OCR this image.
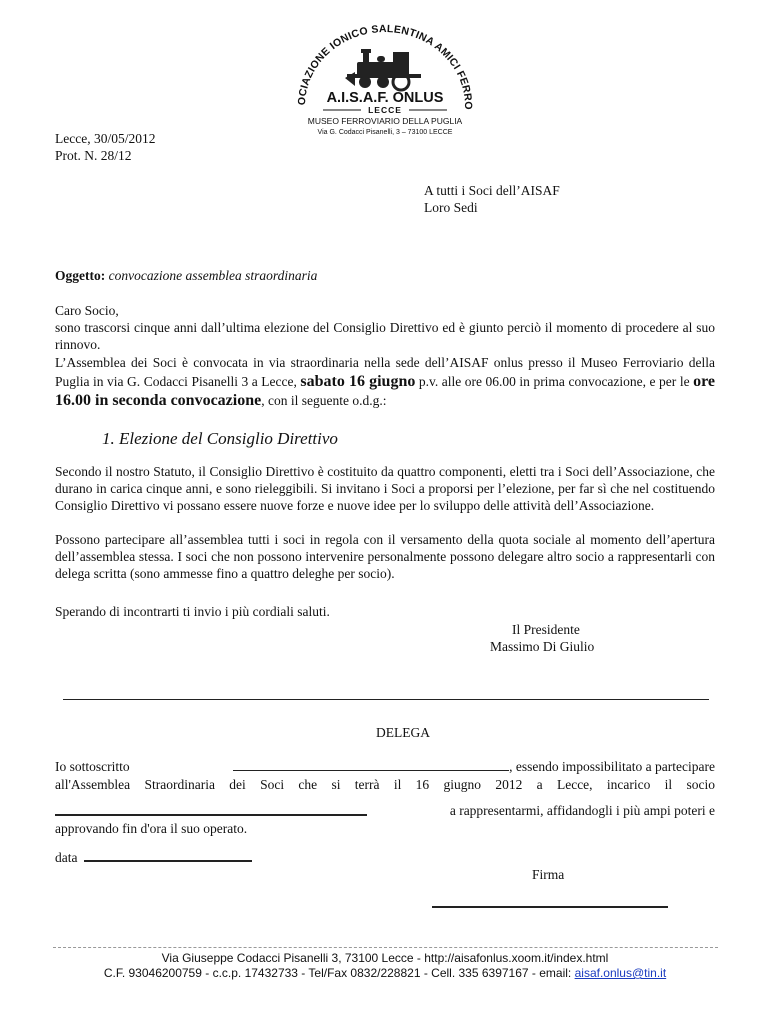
OCIAZIONE IONICO SALENTINA AMICI FERRO
A.I.S.A.F. ONLUS
LECCE
MUSEO FERROVIARIO DELLA PUGLIA
Via G. Codacci Pisanelli, 3 – 73100 LECCE
Lecce, 30/05/2012
Prot. N. 28/12
A tutti i Soci dell’AISAF
Loro Sedi
Oggetto: convocazione assemblea straordinaria
Caro Socio,
sono trascorsi cinque anni dall’ultima elezione del Consiglio Direttivo ed è giunto perciò il momento di procedere al suo rinnovo.
L’Assemblea dei Soci è convocata in via straordinaria nella sede dell’AISAF onlus presso il Museo Ferroviario della Puglia in via G. Codacci Pisanelli 3 a Lecce, sabato 16 giugno p.v. alle ore 06.00 in prima convocazione, e per le ore 16.00 in seconda convocazione, con il seguente o.d.g.:
1. Elezione del Consiglio Direttivo
Secondo il nostro Statuto, il Consiglio Direttivo è costituito da quattro componenti, eletti tra i Soci dell’Associazione, che durano in carica cinque anni, e sono rieleggibili. Si invitano i Soci a proporsi per l’elezione, per far sì che nel costituendo Consiglio Direttivo vi possano essere nuove forze e nuove idee per lo sviluppo delle attività dell’Associazione.
Possono partecipare all’assemblea tutti i soci in regola con il versamento della quota sociale al momento dell’apertura dell’assemblea stessa. I soci che non possono intervenire personalmente possono delegare altro socio a rappresentarli con delega scritta (sono ammesse fino a quattro deleghe per socio).
Sperando di incontrarti ti invio i più cordiali saluti.
Il Presidente
Massimo Di Giulio
DELEGA
Io sottoscritto	, essendo impossibilitato a partecipare
all'Assemblea Straordinaria dei Soci che si terrà il 16 giugno 2012 a Lecce, incarico il socio
a rappresentarmi, affidandogli i più ampi poteri e
approvando fin d'ora il suo operato.
data
Firma
Via Giuseppe Codacci Pisanelli 3, 73100 Lecce - http://aisafonlus.xoom.it/index.html
C.F. 93046200759 - c.c.p. 17432733 - Tel/Fax 0832/228821 - Cell. 335 6397167 - email: aisaf.onlus@tin.it
